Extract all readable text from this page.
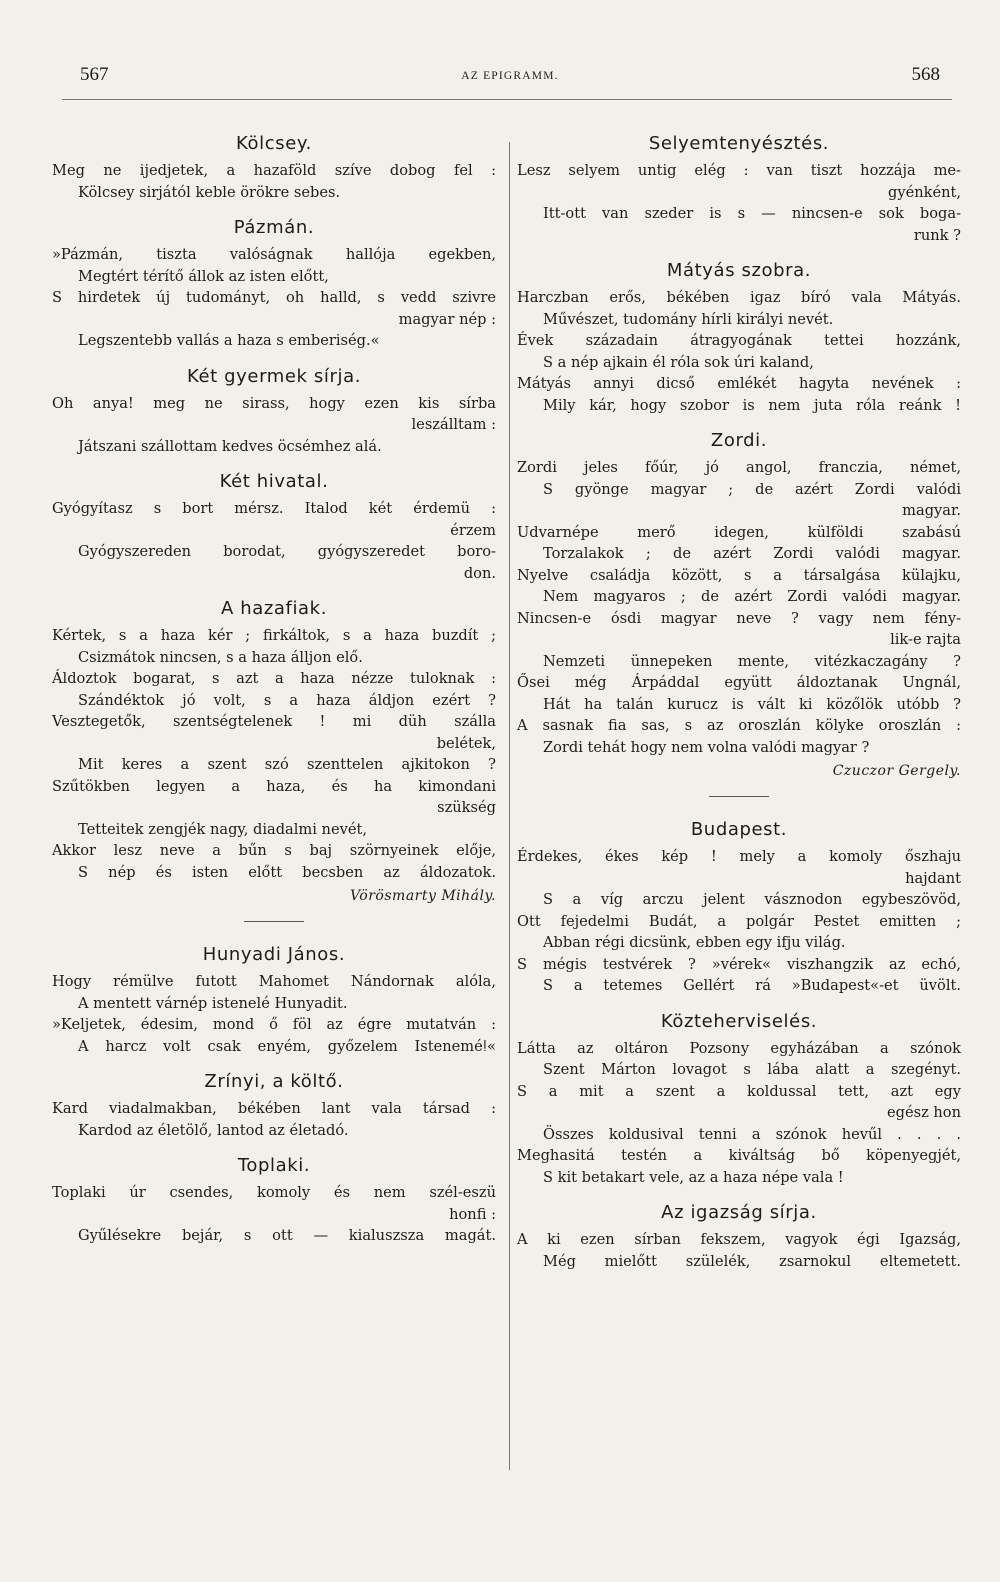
567	AZ EPIGRAMM.	568
Kölcsey.
Meg ne ijedjetek, a hazaföld szíve dobog fel :
Kölcsey sirjától keble örökre sebes.
Pázmán.
»Pázmán, tiszta valóságnak hallója egekben,
Megtért térítő állok az isten előtt,
S hirdetek új tudományt, oh halld, s vedd szivre
magyar nép :
Legszentebb vallás a haza s emberiség.«
Két gyermek sírja.
Oh anya! meg ne sirass, hogy ezen kis sírba
leszálltam :
Játszani szállottam kedves öcsémhez alá.
Két hivatal.
Gyógyítasz s bort mérsz. Italod két érdemü :
érzem
Gyógyszereden borodat, gyógyszeredet boro-
don.
A hazafiak.
Kértek, s a haza kér ; firkáltok, s a haza buzdít ;
Csizmátok nincsen, s a haza álljon elő.
Áldoztok bogarat, s azt a haza nézze tuloknak :
Szándéktok jó volt, s a haza áldjon ezért ?
Vesztegetők, szentségtelenek ! mi düh szálla
belétek,
Mit keres a szent szó szenttelen ajkitokon ?
Szűtökben legyen a haza, és ha kimondani
szükség
Tetteitek zengjék nagy, diadalmi nevét,
Akkor lesz neve a bűn s baj szörnyeinek elője,
S nép és isten előtt becsben az áldozatok.
Vörösmarty Mihály.
Hunyadi János.
Hogy rémülve futott Mahomet Nándornak alóla,
A mentett várnép istenelé Hunyadit.
»Keljetek, édesim, mond ő föl az égre mutatván :
A harcz volt csak enyém, győzelem Isteneméǃ«
Zrínyi, a költő.
Kard viadalmakban, békében lant vala társad :
Kardod az életölő, lantod az életadó.
Toplaki.
Toplaki úr csendes, komoly és nem szél-eszü
honfi :
Gyűlésekre bejár, s ott — kialuszsza magát.
Selyemtenyésztés.
Lesz selyem untig elég : van tiszt hozzája me-
gyénként,
Itt-ott van szeder is s — nincsen-e sok boga-
runk ?
Mátyás szobra.
Harczban erős, békében igaz bíró vala Mátyás.
Művészet, tudomány hírli királyi nevét.
Évek századain átragyogának tettei hozzánk,
S a nép ajkain él róla sok úri kaland,
Mátyás annyi dicső emlékét hagyta nevének :
Mily kár, hogy szobor is nem juta róla reánk !
Zordi.
Zordi jeles főúr, jó angol, franczia, német,
S gyönge magyar ; de azért Zordi valódi
magyar.
Udvarnépe merő idegen, külföldi szabású
Torzalakok ; de azért Zordi valódi magyar.
Nyelve családja között, s a társalgása külajku,
Nem magyaros ; de azért Zordi valódi magyar.
Nincsen-e ósdi magyar neve ? vagy nem fény-
lik-e rajta
Nemzeti ünnepeken mente, vitézkaczagány ?
Ősei még Árpáddal együtt áldoztanak Ungnál,
Hát ha talán kurucz is vált ki közőlök utóbb ?
A sasnak fia sas, s az oroszlán kölyke oroszlán :
Zordi tehát hogy nem volna valódi magyar ?
Czuczor Gergely.
Budapest.
Érdekes, ékes kép ! mely a komoly őszhaju
hajdant
S a víg arczu jelent vásznodon egybeszövöd,
Ott fejedelmi Budát, a polgár Pestet emitten ;
Abban régi dicsünk, ebben egy ifju világ.
S mégis testvérek ? »vérek« viszhangzik az echó,
S a tetemes Gellért rá »Budapest«-et üvölt.
Közteherviselés.
Látta az oltáron Pozsony egyházában a szónok
Szent Márton lovagot s lába alatt a szegényt.
S a mit a szent a koldussal tett, azt egy
egész hon
Összes koldusival tenni a szónok hevűl . . . .
Meghasitá testén a kiváltság bő köpenyegjét,
S kit betakart vele, az a haza népe vala !
Az igazság sírja.
A ki ezen sírban fekszem, vagyok égi Igazság,
Még mielőtt szülelék, zsarnokul eltemetett.
